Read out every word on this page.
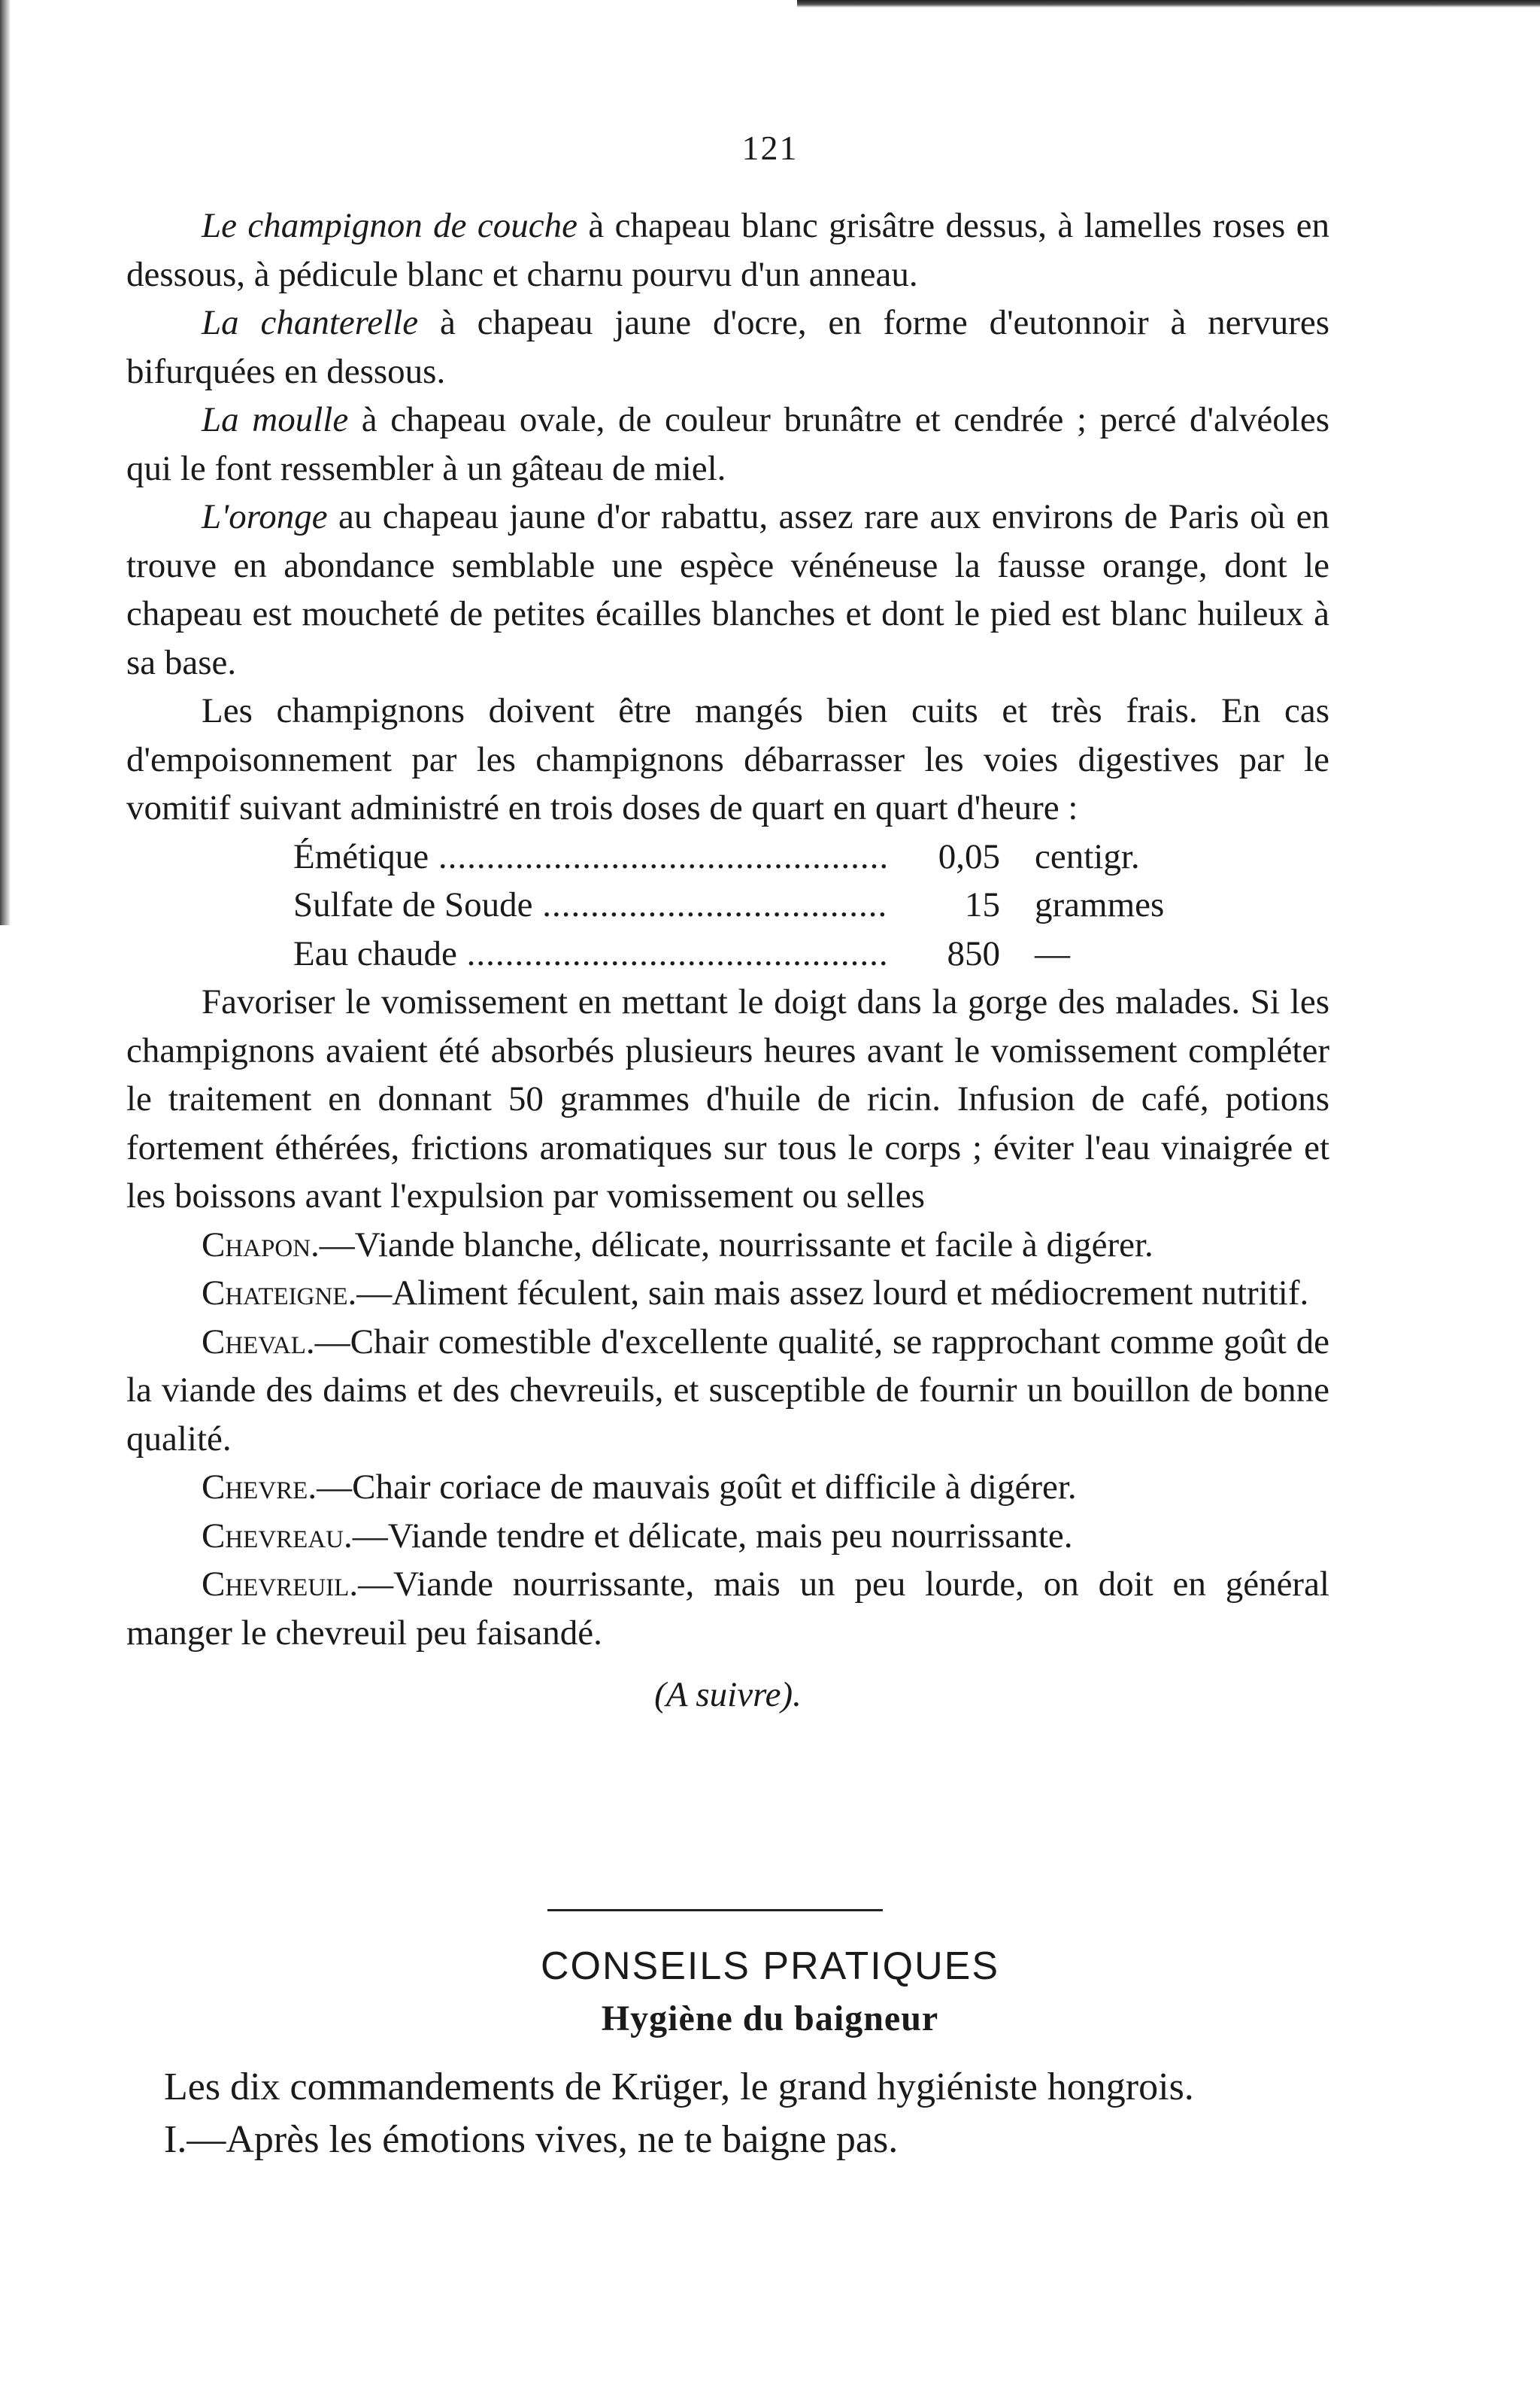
121

Le champignon de couche à chapeau blanc grisâtre dessus, à lamelles roses en dessous, à pédicule blanc et charnu pourvu d'un anneau.

La chanterelle à chapeau jaune d'ocre, en forme d'eutonnoir à nervures bifurquées en dessous.

La moulle à chapeau ovale, de couleur brunâtre et cendrée ; percé d'alvéoles qui le font ressembler à un gâteau de miel.

L'oronge au chapeau jaune d'or rabattu, assez rare aux environs de Paris où en trouve en abondance semblable une espèce vénéneuse la fausse orange, dont le chapeau est moucheté de petites écailles blanches et dont le pied est blanc huileux à sa base.

Les champignons doivent être mangés bien cuits et très frais. En cas d'empoisonnement par les champignons débarrasser les voies digestives par le vomitif suivant administré en trois doses de quart en quart d'heure :

Émétique .....	0,05 centigr.
Sulfate de Soude .....	15 grammes
Eau chaude .....	850 —

Favoriser le vomissement en mettant le doigt dans la gorge des malades. Si les champignons avaient été absorbés plusieurs heures avant le vomissement compléter le traitement en donnant 50 grammes d'huile de ricin. Infusion de café, potions fortement éthérées, frictions aromatiques sur tous le corps ; éviter l'eau vinaigrée et les boissons avant l'expulsion par vomissement ou selles

Chapon.—Viande blanche, délicate, nourrissante et facile à digérer.

Chateigne.—Aliment féculent, sain mais assez lourd et médiocrement nutritif.

Cheval.—Chair comestible d'excellente qualité, se rapprochant comme goût de la viande des daims et des chevreuils, et susceptible de fournir un bouillon de bonne qualité.

Chevre.—Chair coriace de mauvais goût et difficile à digérer.

Chevreau.—Viande tendre et délicate, mais peu nourrissante.

Chevreuil.—Viande nourrissante, mais un peu lourde, on doit en général manger le chevreuil peu faisandé.

(A suivre).

CONSEILS PRATIQUES
Hygiène du baigneur

Les dix commandements de Krüger, le grand hygiéniste hongrois.

I.—Après les émotions vives, ne te baigne pas.
